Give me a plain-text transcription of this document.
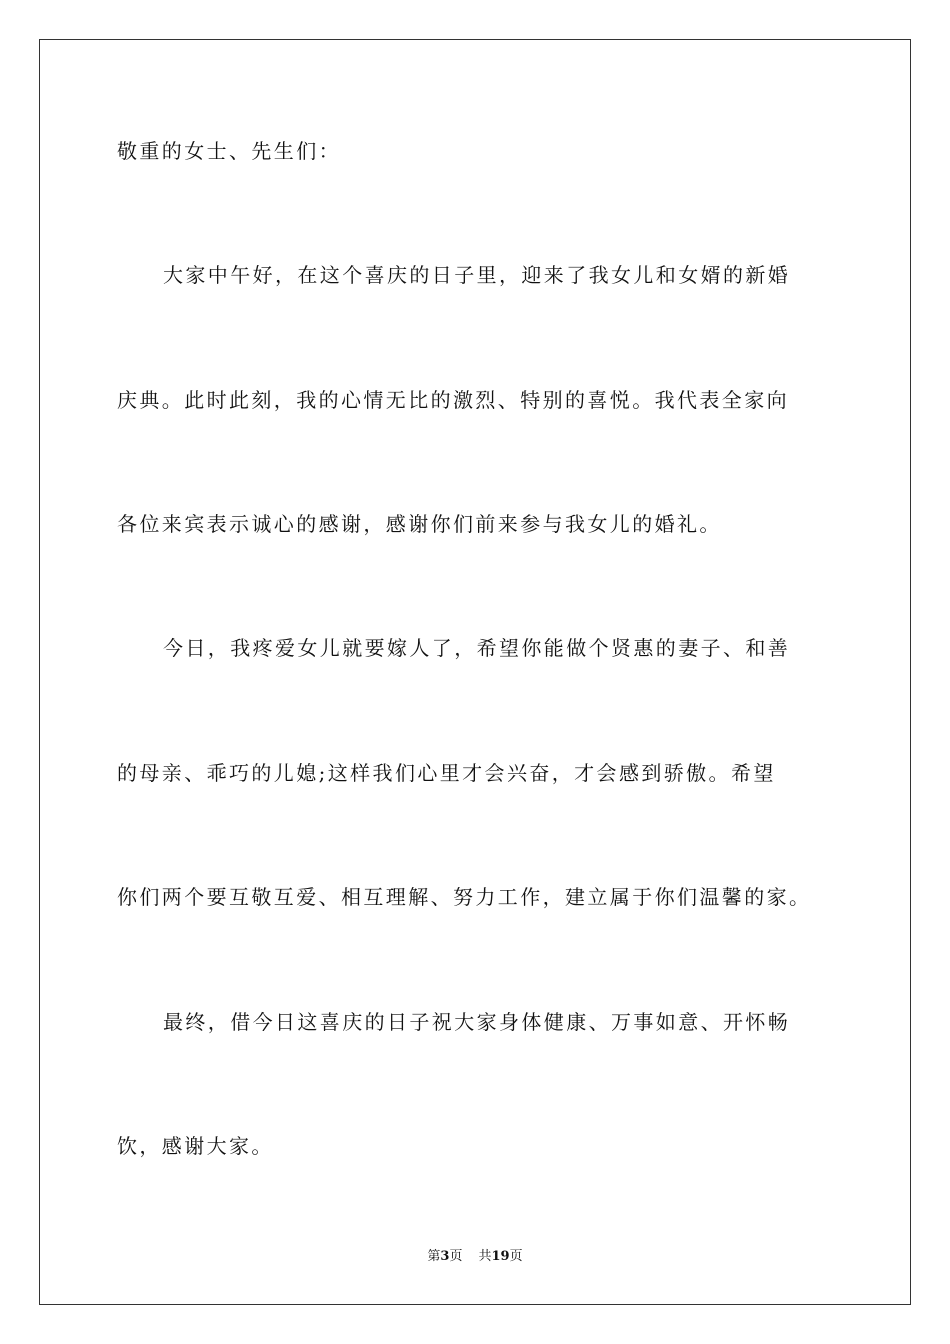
敬重的女士、先生们：
大家中午好，在这个喜庆的日子里，迎来了我女儿和女婿的新婚
庆典。此时此刻，我的心情无比的激烈、特别的喜悦。我代表全家向
各位来宾表示诚心的感谢，感谢你们前来参与我女儿的婚礼。
今日，我疼爱女儿就要嫁人了，希望你能做个贤惠的妻子、和善
的母亲、乖巧的儿媳;这样我们心里才会兴奋，才会感到骄傲。希望
你们两个要互敬互爱、相互理解、努力工作，建立属于你们温馨的家。
最终，借今日这喜庆的日子祝大家身体健康、万事如意、开怀畅
饮，感谢大家。
第3页 共19页
